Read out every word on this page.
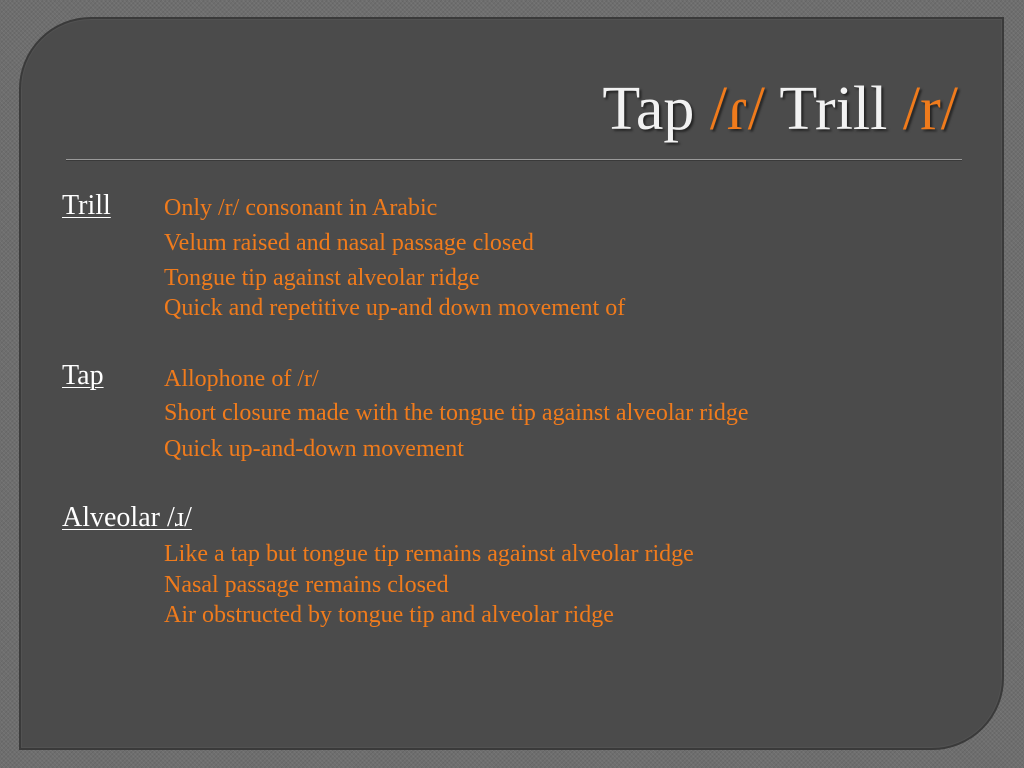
Tap /ɾ/ Trill /r/
Trill Only /r/ consonant in Arabic
Velum raised and nasal passage closed
Tongue tip against alveolar ridge
Quick and repetitive up-and down movement of
Tap	Allophone of /r/
Short closure made with the tongue tip against alveolar ridge
Quick up-and-down movement
Alveolar /ɹ/
Like a tap but tongue tip remains against alveolar ridge
Nasal passage remains closed
Air obstructed by tongue tip and alveolar ridge
